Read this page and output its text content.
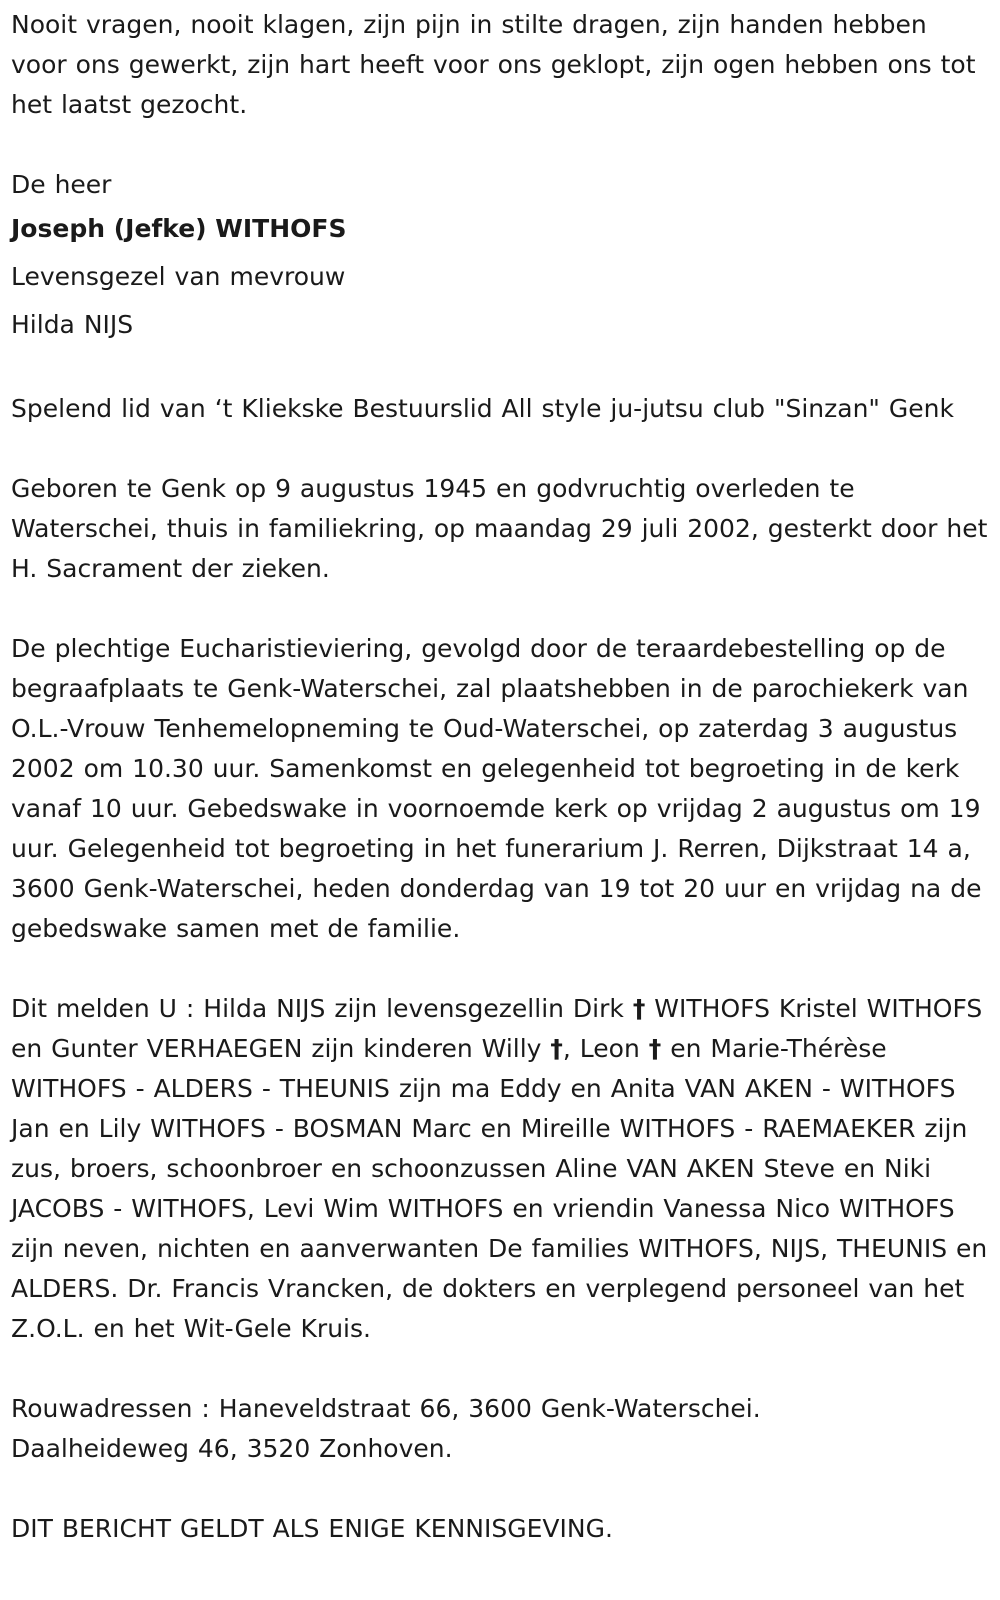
Nooit vragen, nooit klagen, zijn pijn in stilte dragen, zijn handen hebben voor ons gewerkt, zijn hart heeft voor ons geklopt, zijn ogen hebben ons tot het laatst gezocht.

De heer

Joseph (Jefke) WITHOFS

Levensgezel van mevrouw

Hilda NIJS

Spelend lid van ‘t Kliekske Bestuurslid All style ju-jutsu club "Sinzan" Genk

Geboren te Genk op 9 augustus 1945 en godvruchtig overleden te Waterschei, thuis in familiekring, op maandag 29 juli 2002, gesterkt door het H. Sacrament der zieken.

De plechtige Eucharistieviering, gevolgd door de teraardebestelling op de begraafplaats te Genk-Waterschei, zal plaatshebben in de parochiekerk van O.L.-Vrouw Tenhemelopneming te Oud-Waterschei, op zaterdag 3 augustus 2002 om 10.30 uur. Samenkomst en gelegenheid tot begroeting in de kerk vanaf 10 uur. Gebedswake in voornoemde kerk op vrijdag 2 augustus om 19 uur. Gelegenheid tot begroeting in het funerarium J. Rerren, Dijkstraat 14 a, 3600 Genk-Waterschei, heden donderdag van 19 tot 20 uur en vrijdag na de gebedswake samen met de familie.

Dit melden U : Hilda NIJS zijn levensgezellin Dirk † WITHOFS Kristel WITHOFS en Gunter VERHAEGEN zijn kinderen Willy †, Leon † en Marie-Thérèse WITHOFS - ALDERS - THEUNIS zijn ma Eddy en Anita VAN AKEN - WITHOFS Jan en Lily WITHOFS - BOSMAN Marc en Mireille WITHOFS - RAEMAEKER zijn zus, broers, schoonbroer en schoonzussen Aline VAN AKEN Steve en Niki JACOBS - WITHOFS, Levi Wim WITHOFS en vriendin Vanessa Nico WITHOFS zijn neven, nichten en aanverwanten De families WITHOFS, NIJS, THEUNIS en ALDERS. Dr. Francis Vrancken, de dokters en verplegend personeel van het Z.O.L. en het Wit-Gele Kruis.

Rouwadressen : Haneveldstraat 66, 3600 Genk-Waterschei.

Daalheideweg 46, 3520 Zonhoven.

DIT BERICHT GELDT ALS ENIGE KENNISGEVING.
